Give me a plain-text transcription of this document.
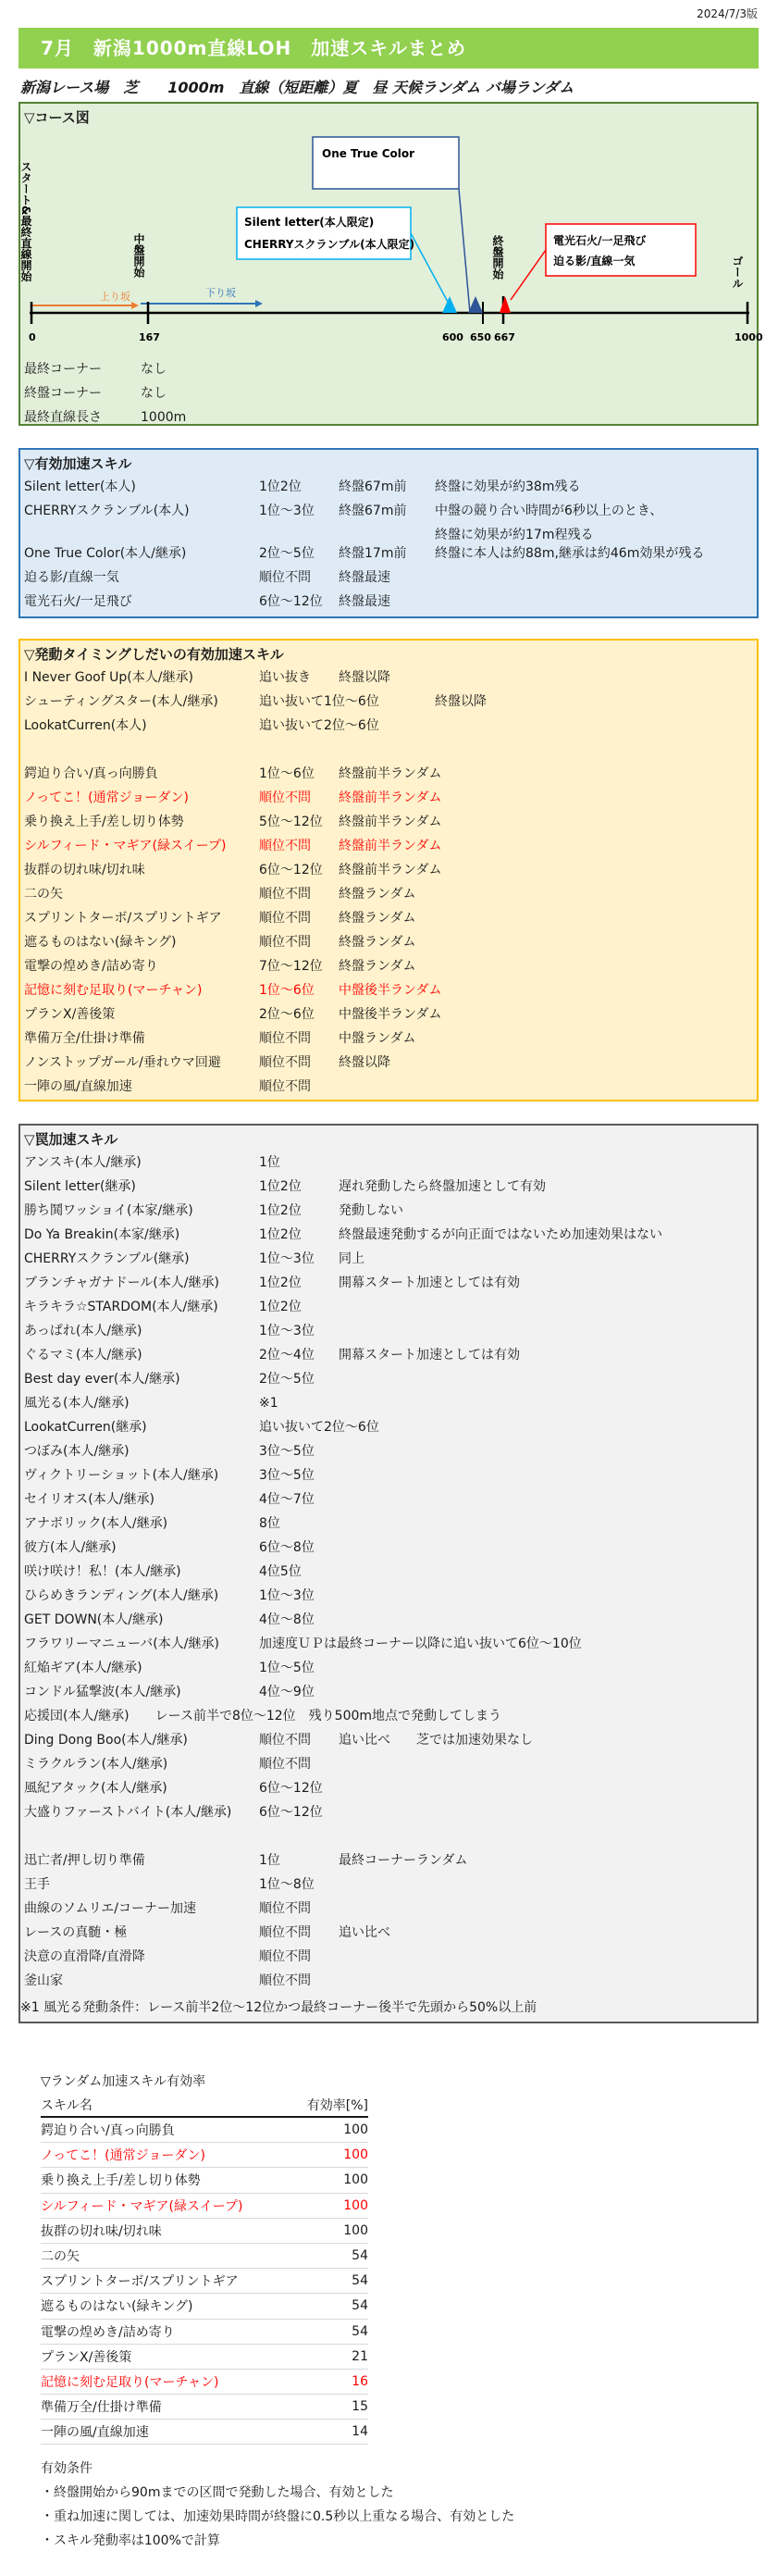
2024/7/3版
7月　新潟1000m直線LOH　加速スキルまとめ
新潟レース場　芝　　1000m　直線（短距離）夏　昼 天候ランダム バ場ランダム
▽コース図
スタート&最終直線開始	中盤開始	終盤開始	ゴール
上り坂	下り坂
0	167	600 650 667	1000
One True Color
Silent letter(本人限定)
CHERRYスクランブル(本人限定)	電光石火/一足飛び
迫る影/直線一気
最終コーナー	なし
終盤コーナー	なし
最終直線長さ	1000m
▽有効加速スキル
Silent letter(本人)	1位2位	終盤67m前 終盤に効果が約38m残る
CHERRYスクランブル(本人)	1位～3位 終盤67m前 中盤の競り合い時間が6秒以上のとき、
終盤に効果が約17m程残る
One True Color(本人/継承)	2位～5位 終盤17m前 終盤に本人は約88m,継承は約46m効果が残る
迫る影/直線一気	順位不問 終盤最速
電光石火/一足飛び	6位～12位 終盤最速
▽発動タイミングしだいの有効加速スキル
I Never Goof Up(本人/継承)	追い抜き 終盤以降
シューティングスター(本人/継承)	追い抜いて1位～6位	終盤以降
LookatCurren(本人)	追い抜いて2位～6位
鍔迫り合い/真っ向勝負	1位～6位 終盤前半ランダム
ノってこ！(通常ジョーダン)	順位不問 終盤前半ランダム
乗り換え上手/差し切り体勢	5位～12位 終盤前半ランダム
シルフィード・マギア(緑スイープ)	順位不問 終盤前半ランダム
抜群の切れ味/切れ味	6位～12位 終盤前半ランダム
二の矢	順位不問 終盤ランダム
スプリントターボ/スプリントギア	順位不問 終盤ランダム
遮るものはない(緑キング)	順位不問 終盤ランダム
電撃の煌めき/詰め寄り	7位～12位 終盤ランダム
記憶に刻む足取り(マーチャン)	1位～6位 中盤後半ランダム
プランX/善後策	2位～6位 中盤後半ランダム
準備万全/仕掛け準備	順位不問 中盤ランダム
ノンストップガール/垂れウマ回避	順位不問 終盤以降
一陣の風/直線加速	順位不問
▽罠加速スキル
アンスキ(本人/継承)	1位
Silent letter(継承)	1位2位	遅れ発動したら終盤加速として有効
勝ち鬨ワッショイ(本家/継承)	1位2位	発動しない
Do Ya Breakin(本家/継承)	1位2位	終盤最速発動するが向正面ではないため加速効果はない
CHERRYスクランブル(継承)	1位～3位 同上
ブランチャガナドール(本人/継承)	1位2位	開幕スタート加速としては有効
キラキラ☆STARDOM(本人/継承)	1位2位
あっぱれ(本人/継承)	1位～3位
ぐるマミ(本人/継承)	2位～4位 開幕スタート加速としては有効
Best day ever(本人/継承)	2位～5位
風光る(本人/継承)	※1
LookatCurren(継承)	追い抜いて2位～6位
つぼみ(本人/継承)	3位～5位
ヴィクトリーショット(本人/継承)	3位～5位
セイリオス(本人/継承)	4位～7位
アナボリック(本人/継承)	8位
彼方(本人/継承)	6位～8位
咲け咲け！私！(本人/継承)	4位5位
ひらめきランディング(本人/継承)	1位～3位
GET DOWN(本人/継承)	4位～8位
フラワリーマニューバ(本人/継承)	加速度ＵＰは最終コーナー以降に追い抜いて6位～10位
紅焔ギア(本人/継承)	1位～5位
コンドル猛撃波(本人/継承)	4位～9位
応援団(本人/継承)　　レース前半で8位～12位　残り500m地点で発動してしまう
Ding Dong Boo(本人/継承)	順位不問 追い比べ　　芝では加速効果なし
ミラクルラン(本人/継承)	順位不問
風紀アタック(本人/継承)	6位～12位
大盛りファーストバイト(本人/継承) 6位～12位
迅亡者/押し切り準備	1位	最終コーナーランダム
王手	1位～8位
曲線のソムリエ/コーナー加速	順位不問
レースの真髄・極	順位不問 追い比べ
決意の直滑降/直滑降	順位不問
釜山家	順位不問
※1 風光る発動条件：レース前半2位～12位かつ最終コーナー後半で先頭から50%以上前
▽ランダム加速スキル有効率
スキル名	有効率[%]
鍔迫り合い/真っ向勝負	100
ノってこ！(通常ジョーダン)	100
乗り換え上手/差し切り体勢	100
シルフィード・マギア(緑スイープ)	100
抜群の切れ味/切れ味	100
二の矢	54
スプリントターボ/スプリントギア	54
遮るものはない(緑キング)	54
電撃の煌めき/詰め寄り	54
プランX/善後策	21
記憶に刻む足取り(マーチャン)	16
準備万全/仕掛け準備	15
一陣の風/直線加速	14
有効条件
・終盤開始から90mまでの区間で発動した場合、有効とした
・重ね加速に関しては、加速効果時間が終盤に0.5秒以上重なる場合、有効とした
・スキル発動率は100%で計算
